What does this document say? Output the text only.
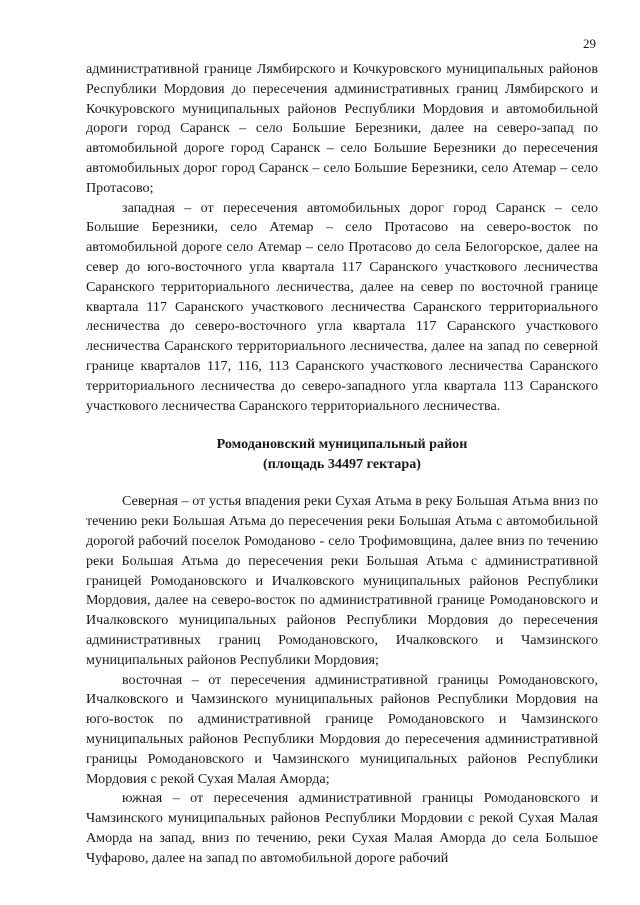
29

административной границе Лямбирского и Кочкуровского муниципальных районов Республики Мордовия до пересечения административных границ Лямбирского и Кочкуровского муниципальных районов Республики Мордовия и автомобильной дороги город Саранск – село Большие Березники, далее на северо-запад по автомобильной дороге город Саранск – село Большие Березники до пересечения автомобильных дорог город Саранск – село Большие Березники, село Атемар – село Протасово;

западная – от пересечения автомобильных дорог город Саранск – село Большие Березники, село Атемар – село Протасово на северо-восток по автомобильной дороге село Атемар – село Протасово до села Белогорское, далее на север до юго-восточного угла квартала 117 Саранского участкового лесничества Саранского территориального лесничества, далее на север по восточной границе квартала 117 Саранского участкового лесничества Саранского территориального лесничества до северо-восточного угла квартала 117 Саранского участкового лесничества Саранского территориального лесничества, далее на запад по северной границе кварталов 117, 116, 113 Саранского участкового лесничества Саранского территориального лесничества до северо-западного угла квартала 113 Саранского участкового лесничества Саранского территориального лесничества.

Ромодановский муниципальный район
(площадь 34497 гектара)

Северная – от устья впадения реки Сухая Атьма в реку Большая Атьма вниз по течению реки Большая Атьма до пересечения реки Большая Атьма с автомобильной дорогой рабочий поселок Ромоданово - село Трофимовщина, далее вниз по течению реки Большая Атьма до пересечения реки Большая Атьма с административной границей Ромодановского и Ичалковского муниципальных районов Республики Мордовия, далее на северо-восток по административной границе Ромодановского и Ичалковского муниципальных районов Республики Мордовия до пересечения административных границ Ромодановского, Ичалковского и Чамзинского муниципальных районов Республики Мордовия;

восточная – от пересечения административной границы Ромодановского, Ичалковского и Чамзинского муниципальных районов Республики Мордовия на юго-восток по административной границе Ромодановского и Чамзинского муниципальных районов Республики Мордовия до пересечения административной границы Ромодановского и Чамзинского муниципальных районов Республики Мордовия с рекой Сухая Малая Аморда;

южная – от пересечения административной границы Ромодановского и Чамзинского муниципальных районов Республики Мордовии с рекой Сухая Малая Аморда на запад, вниз по течению, реки Сухая Малая Аморда до села Большое Чуфарово, далее на запад по автомобильной дороге рабочий
